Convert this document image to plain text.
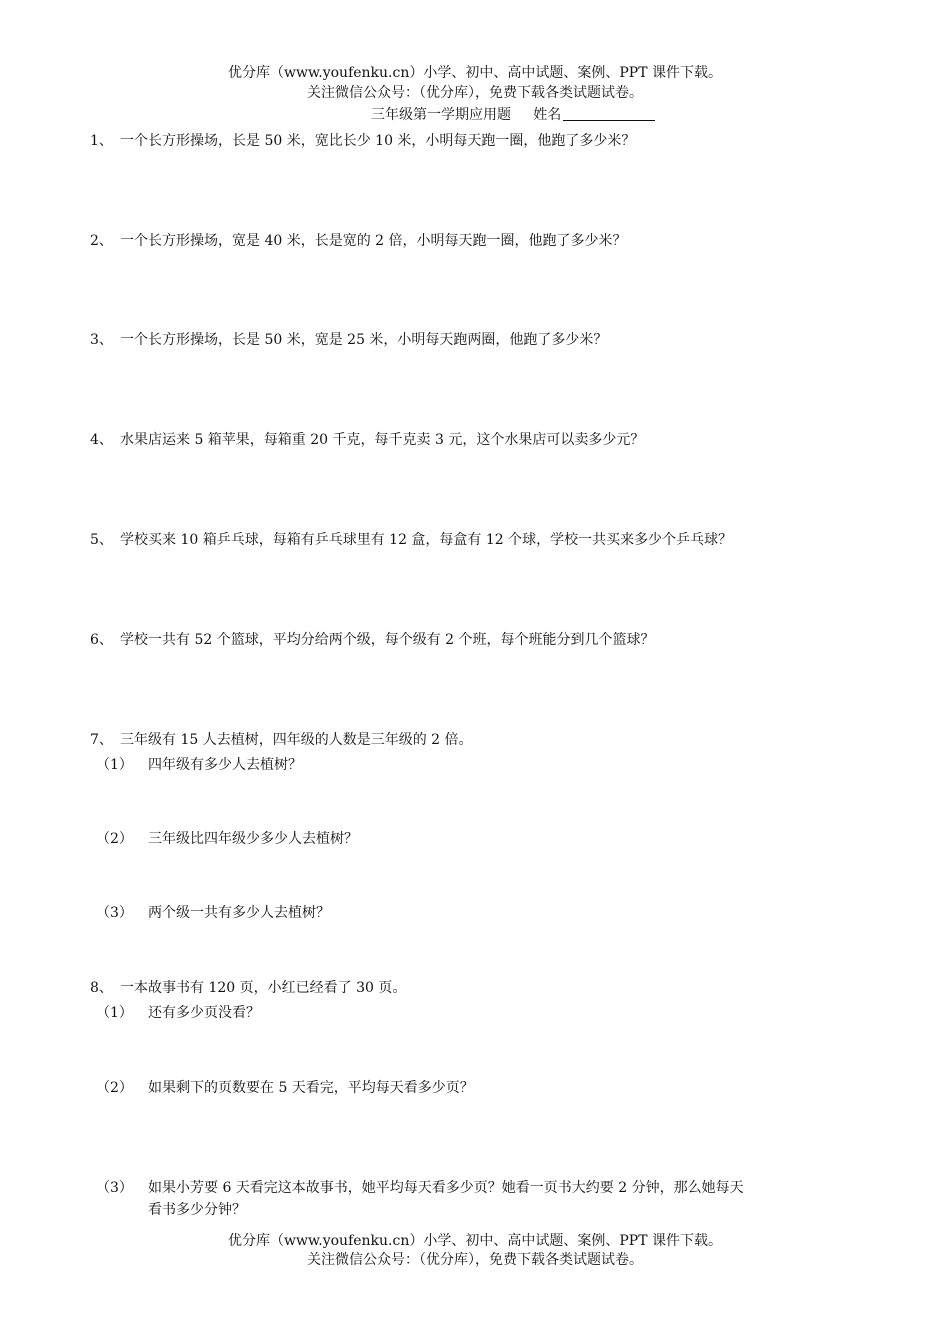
优分库（www.youfenku.cn）小学、初中、高中试题、案例、PPT 课件下载。
关注微信公众号：（优分库），免费下载各类试题试卷。
三年级第一学期应用题 姓名
1、 一个长方形操场，长是 50 米，宽比长少 10 米，小明每天跑一圈，他跑了多少米？
2、 一个长方形操场，宽是 40 米，长是宽的 2 倍，小明每天跑一圈，他跑了多少米？
3、 一个长方形操场，长是 50 米，宽是 25 米，小明每天跑两圈，他跑了多少米？
4、 水果店运来 5 箱苹果，每箱重 20 千克，每千克卖 3 元，这个水果店可以卖多少元？
5、 学校买来 10 箱乒乓球，每箱有乒乓球里有 12 盒，每盒有 12 个球，学校一共买来多少个乒乓球？
6、 学校一共有 52 个篮球，平均分给两个级，每个级有 2 个班，每个班能分到几个篮球？
7、 三年级有 15 人去植树，四年级的人数是三年级的 2 倍。
（1） 四年级有多少人去植树？
（2） 三年级比四年级少多少人去植树？
（3） 两个级一共有多少人去植树？
8、 一本故事书有 120 页，小红已经看了 30 页。
（1） 还有多少页没看？
（2） 如果剩下的页数要在 5 天看完，平均每天看多少页？
（3） 如果小芳要 6 天看完这本故事书，她平均每天看多少页？她看一页书大约要 2 分钟，那么她每天
看书多少分钟？
优分库（www.youfenku.cn）小学、初中、高中试题、案例、PPT 课件下载。
关注微信公众号：（优分库），免费下载各类试题试卷。
